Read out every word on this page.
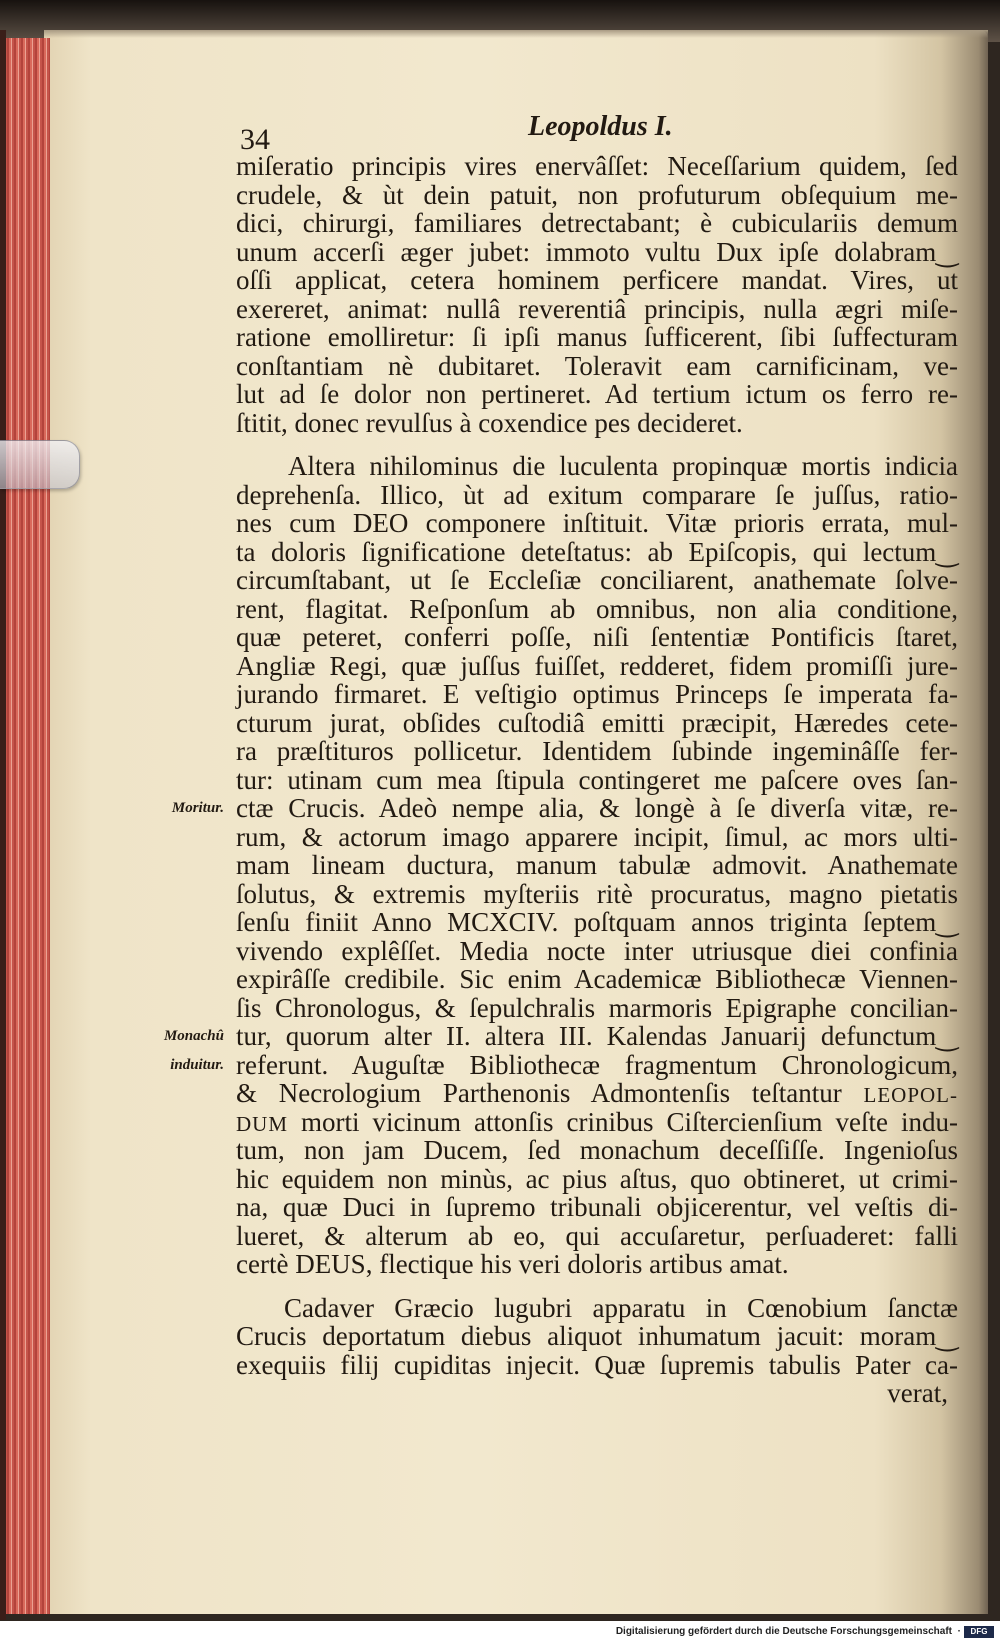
34	Leopoldus I.
miſeratio principis vires enervâſſet: Neceſſarium quidem, ſed
crudele, & ùt dein patuit, non profuturum obſequium me-
dici, chirurgi, familiares detrectabant; è cubiculariis demum
unum accerſi æger jubet: immoto vultu Dux ipſe dolabram‿
oſſi applicat, cetera hominem perficere mandat. Vires, ut
exereret, animat: nullâ reverentiâ principis, nulla ægri miſe-
ratione emolliretur: ſi ipſi manus ſufficerent, ſibi ſuffecturam
conſtantiam nè dubitaret. Toleravit eam carnificinam, ve-
lut ad ſe dolor non pertineret. Ad tertium ictum os ferro re-
ſtitit, donec revulſus à coxendice pes decideret.
Altera nihilominus die luculenta propinquæ mortis indicia
deprehenſa. Illico, ùt ad exitum comparare ſe juſſus, ratio-
nes cum DEO componere inſtituit. Vitæ prioris errata, mul-
ta doloris ſignificatione deteſtatus: ab Epiſcopis, qui lectum‿
circumſtabant, ut ſe Eccleſiæ conciliarent, anathemate ſolve-
rent, flagitat. Reſponſum ab omnibus, non alia conditione,
quæ peteret, conferri poſſe, niſi ſententiæ Pontificis ſtaret,
Angliæ Regi, quæ juſſus fuiſſet, redderet, fidem promiſſi jure-
jurando firmaret. E veſtigio optimus Princeps ſe imperata fa-
cturum jurat, obſides cuſtodiâ emitti præcipit, Hæredes cete-
ra præſtituros pollicetur. Identidem ſubinde ingeminâſſe fer-
tur: utinam cum mea ſtipula contingeret me paſcere oves ſan-
ctæ Crucis. Adeò nempe alia, & longè à ſe diverſa vitæ, re-
Moritur.
rum, & actorum imago apparere incipit, ſimul, ac mors ulti-
mam lineam ductura, manum tabulæ admovit. Anathemate
ſolutus, & extremis myſteriis ritè procuratus, magno pietatis
ſenſu finiit Anno MCXCIV. poſtquam annos triginta ſeptem‿
vivendo explêſſet. Media nocte inter utriusque diei confinia
expirâſſe credibile. Sic enim Academicæ Bibliothecæ Viennen-
ſis Chronologus, & ſepulchralis marmoris Epigraphe concilian-
tur, quorum alter II. altera III. Kalendas Januarij defunctum‿
Monachû
referunt. Auguſtæ Bibliothecæ fragmentum Chronologicum,
induitur.
& Necrologium Parthenonis Admontenſis teſtantur LEOPOL-
DUM morti vicinum attonſis crinibus Ciſtercienſium veſte indu-
tum, non jam Ducem, ſed monachum deceſſiſſe. Ingenioſus
hic equidem non minùs, ac pius aſtus, quo obtineret, ut crimi-
na, quæ Duci in ſupremo tribunali objicerentur, vel veſtis di-
lueret, & alterum ab eo, qui accuſaretur, perſuaderet: falli
certè DEUS, flectique his veri doloris artibus amat.
Cadaver Græcio lugubri apparatu in Cœnobium ſanctæ
Crucis deportatum diebus aliquot inhumatum jacuit: moram‿
exequiis filij cupiditas injecit. Quæ ſupremis tabulis Pater ca-
verat,
Digitalisierung gefördert durch die Deutsche Forschungsgemeinschaft ·	DFG
